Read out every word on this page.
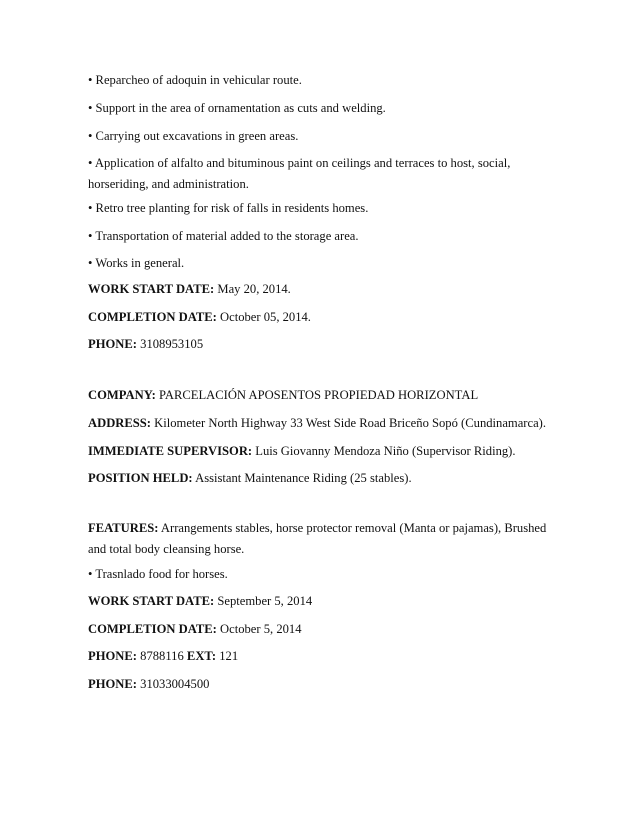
• Reparcheo of adoquin in vehicular route.
• Support in the area of ornamentation as cuts and welding.
• Carrying out excavations in green areas.
• Application of alfalto and bituminous paint on ceilings and terraces to host, social, horseriding, and administration.
• Retro tree planting for risk of falls in residents homes.
• Transportation of material added to the storage area.
• Works in general.
WORK START DATE: May 20, 2014.
COMPLETION DATE: October 05, 2014.
PHONE: 3108953105
COMPANY: PARCELACIÓN APOSENTOS PROPIEDAD HORIZONTAL
ADDRESS: Kilometer North Highway 33 West Side Road Briceño Sopó (Cundinamarca).
IMMEDIATE SUPERVISOR: Luis Giovanny Mendoza Niño (Supervisor Riding).
POSITION HELD: Assistant Maintenance Riding (25 stables).
FEATURES: Arrangements stables, horse protector removal (Manta or pajamas), Brushed and total body cleansing horse.
• Trasnlado food for horses.
WORK START DATE: September 5, 2014
COMPLETION DATE: October 5, 2014
PHONE: 8788116 EXT: 121
PHONE: 31033004500
